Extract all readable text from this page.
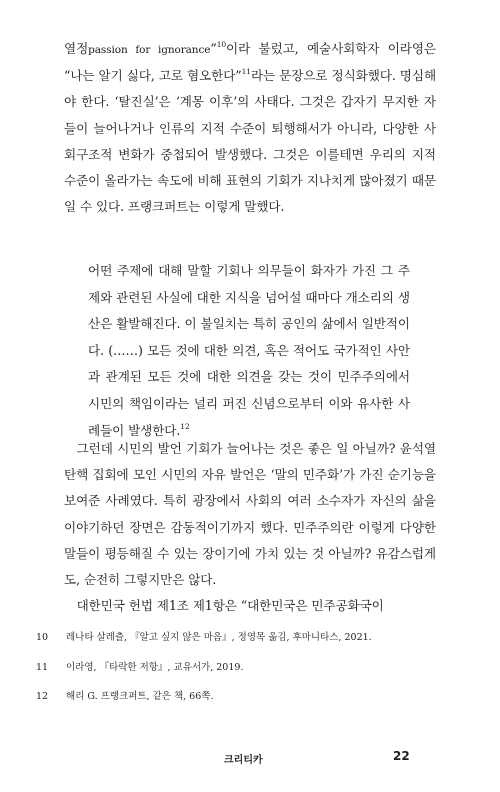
열정passion for ignorance”$^{10}$이라 불렀고, 예술사회학자 이라영은 “나는 알기 싫다, 고로 혐오한다”$^{11}$라는 문장으로 정식화했다. 명심해야 한다. ‘탈진실’은 ‘계몽 이후’의 사태다. 그것은 갑자기 무지한 자들이 늘어나거나 인류의 지적 수준이 퇴행해서가 아니라, 다양한 사회구조적 변화가 중첩되어 발생했다. 그것은 이를테면 우리의 지적 수준이 올라가는 속도에 비해 표현의 기회가 지나치게 많아졌기 때문일 수 있다. 프랭크퍼트는 이렇게 말했다.

어떤 주제에 대해 말할 기회나 의무들이 화자가 가진 그 주제와 관련된 사실에 대한 지식을 넘어설 때마다 개소리의 생산은 활발해진다. 이 불일치는 특히 공인의 삶에서 일반적이다. (……) 모든 것에 대한 의견, 혹은 적어도 국가적인 사안과 관계된 모든 것에 대한 의견을 갖는 것이 민주주의에서 시민의 책임이라는 널리 퍼진 신념으로부터 이와 유사한 사례들이 발생한다.$^{12}$

그런데 시민의 발언 기회가 늘어나는 것은 좋은 일 아닐까? 윤석열 탄핵 집회에 모인 시민의 자유 발언은 ‘말의 민주화’가 가진 순기능을 보여준 사례였다. 특히 광장에서 사회의 여러 소수자가 자신의 삶을 이야기하던 장면은 감동적이기까지 했다. 민주주의란 이렇게 다양한 말들이 평등해질 수 있는 장이기에 가치 있는 것 아닐까? 유감스럽게도, 순전히 그렇지만은 않다.

대한민국 헌법 제1조 제1항은 “대한민국은 민주공화국이

10	레나타 살레츨, 『알고 싶지 않은 마음』, 정영목 옮김, 후마니타스, 2021.
11	이라영, 『타락한 저항』, 교유서가, 2019.
12	해리 G. 프랭크퍼트, 같은 책, 66쪽.
크리티카	22
